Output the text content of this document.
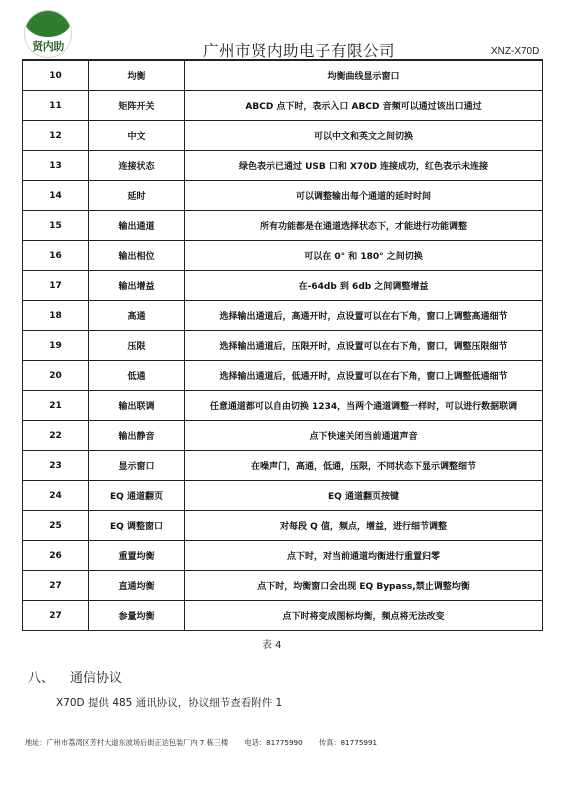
贤内助	广州市贤内助电子有限公司	XNZ-X70D
10	均衡	均衡曲线显示窗口
11	矩阵开关	ABCD 点下时，表示入口 ABCD 音频可以通过该出口通过
12	中文	可以中文和英文之间切换
13	连接状态	绿色表示已通过 USB 口和 X70D 连接成功，红色表示未连接
14	延时	可以调整输出每个通道的延时时间
15	输出通道	所有功能都是在通道选择状态下，才能进行功能调整
16	输出相位	可以在 0° 和 180° 之间切换
17	输出增益	在-64db 到 6db 之间调整增益
18	高通	选择输出通道后，高通开时，点设置可以在右下角，窗口上调整高通细节
19	压限	选择输出通道后，压限开时，点设置可以在右下角，窗口，调整压限细节
20	低通	选择输出通道后，低通开时，点设置可以在右下角，窗口上调整低通细节
21	输出联调	任意通道都可以自由切换 1234，当两个通道调整一样时，可以进行数据联调
22	输出静音	点下快速关闭当前通道声音
23	显示窗口	在噪声门，高通，低通，压限，不同状态下显示调整细节
24	EQ 通道翻页	EQ 通道翻页按键
25	EQ 调整窗口	对每段 Q 值，频点，增益，进行细节调整
26	重置均衡	点下时，对当前通道均衡进行重置归零
27	直通均衡	点下时，均衡窗口会出现 EQ Bypass,禁止调整均衡
27	参量均衡	点下时将变成图标均衡，频点将无法改变
表 4
八、 通信协议
X70D 提供 485 通讯协议，协议细节查看附件 1
地址：广州市荔湾区芳村大道东波场后街正达包装厂内 7 栋三楼 电话：81775990 传真：81775991
